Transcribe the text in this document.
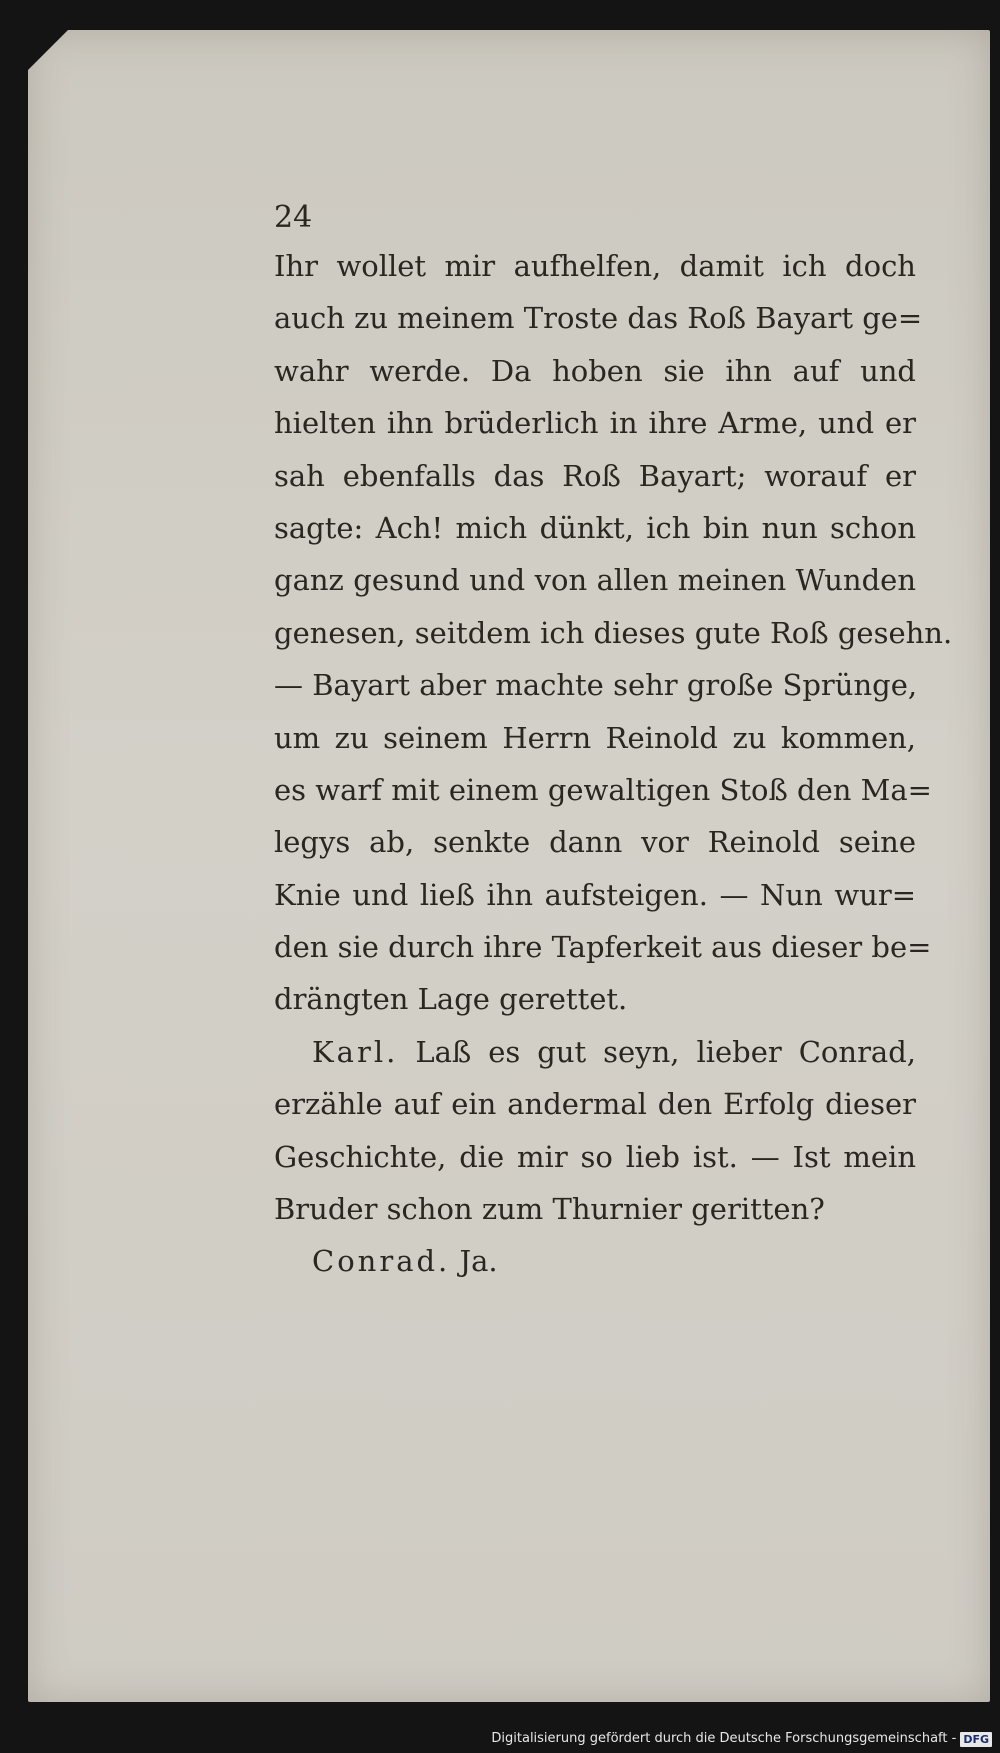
24
Ihr wollet mir aufhelfen, damit ich doch
auch zu meinem Troste das Roß Bayart ge=
wahr werde. Da hoben sie ihn auf und
hielten ihn brüderlich in ihre Arme, und er
sah ebenfalls das Roß Bayart; worauf er
sagte: Ach! mich dünkt, ich bin nun schon
ganz gesund und von allen meinen Wunden
genesen, seitdem ich dieses gute Roß gesehn.
— Bayart aber machte sehr große Sprünge,
um zu seinem Herrn Reinold zu kommen,
es warf mit einem gewaltigen Stoß den Ma=
legys ab, senkte dann vor Reinold seine
Knie und ließ ihn aufsteigen. — Nun wur=
den sie durch ihre Tapferkeit aus dieser be=
drängten Lage gerettet.
Karl. Laß es gut seyn, lieber Conrad,
erzähle auf ein andermal den Erfolg dieser
Geschichte, die mir so lieb ist. — Ist mein
Bruder schon zum Thurnier geritten?
Conrad. Ja.
Digitalisierung gefördert durch die Deutsche Forschungsgemeinschaft - DFG
